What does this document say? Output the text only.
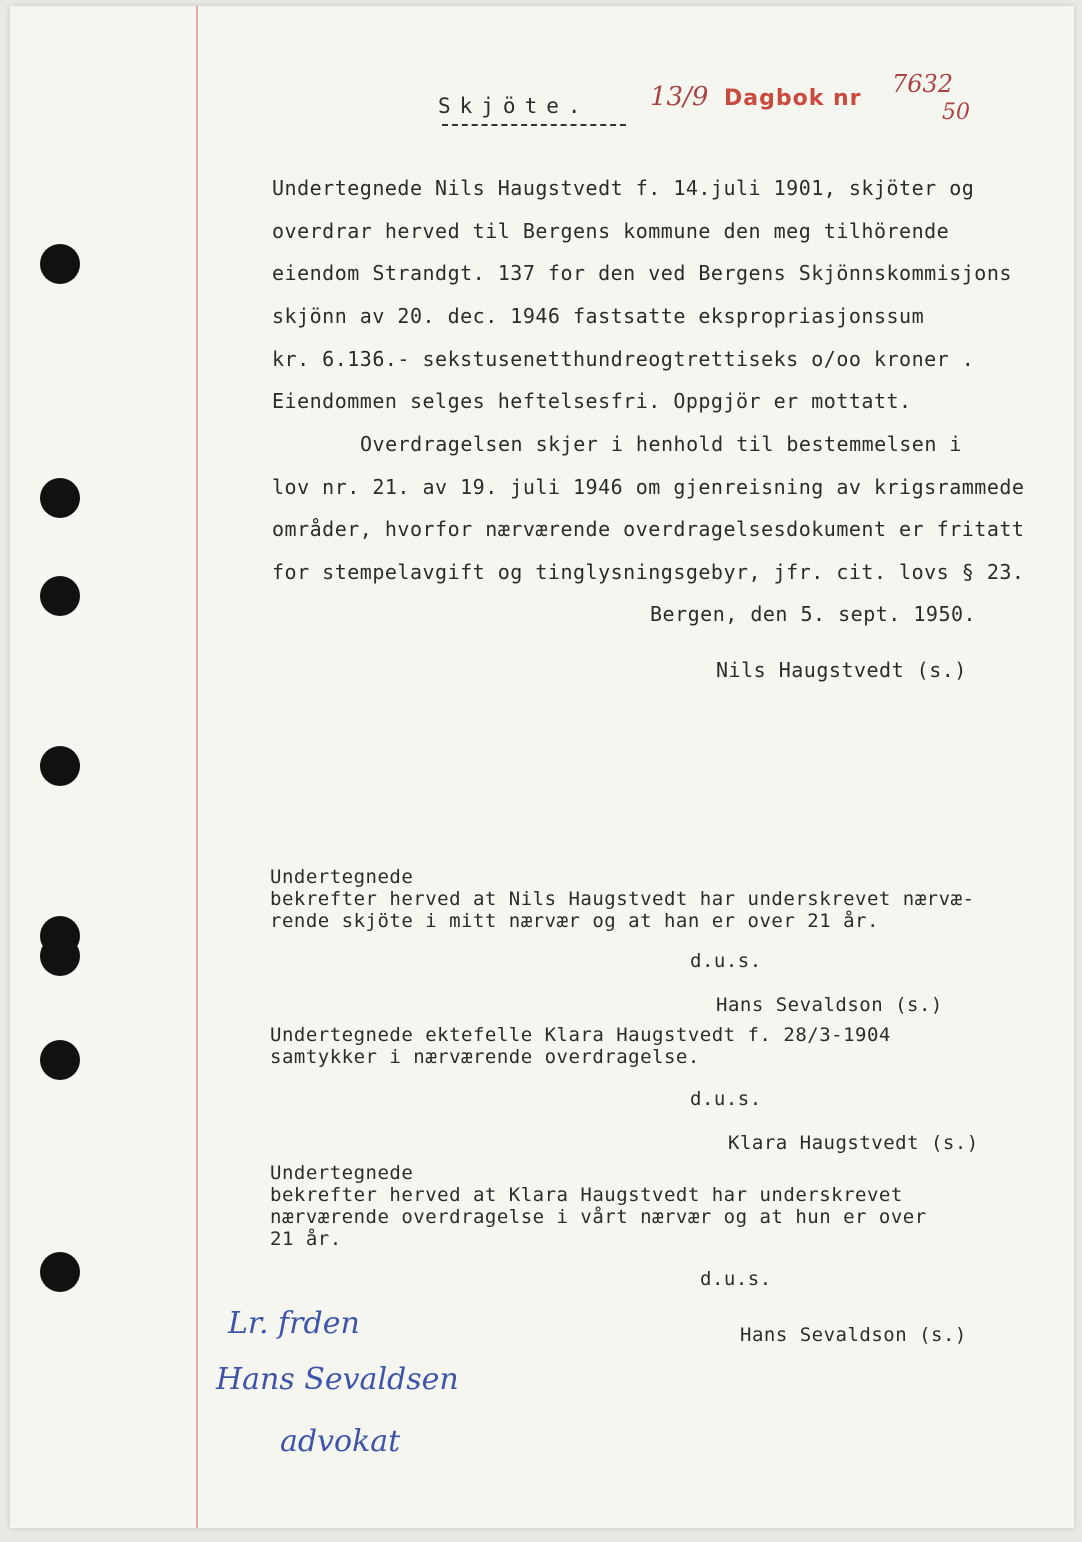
Skjöte. 13/9 Dagbok nr
7632
50
Undertegnede Nils Haugstvedt f. 14.juli 1901, skjöter og
overdrar herved til Bergens kommune den meg tilhörende
eiendom Strandgt. 137 for den ved Bergens Skjönnskommisjons
skjönn av 20. dec. 1946 fastsatte ekspropriasjonssum
kr. 6.136.- sekstusenetthundreogtrettiseks o/oo kroner .
Eiendommen selges heftelsesfri. Oppgjör er mottatt.
Overdragelsen skjer i henhold til bestemmelsen i
lov nr. 21. av 19. juli 1946 om gjenreisning av krigsrammede
områder, hvorfor nærværende overdragelsesdokument er fritatt
for stempelavgift og tinglysningsgebyr, jfr. cit. lovs § 23.
Bergen, den 5. sept. 1950.
Nils Haugstvedt (s.)
Undertegnede
bekrefter herved at Nils Haugstvedt har underskrevet nærvæ-
rende skjöte i mitt nærvær og at han er over 21 år.
d.u.s.
Hans Sevaldson (s.)
Undertegnede ektefelle Klara Haugstvedt f. 28/3-1904
samtykker i nærværende overdragelse.
d.u.s.
Klara Haugstvedt (s.)
Undertegnede
bekrefter herved at Klara Haugstvedt har underskrevet
nærværende overdragelse i vårt nærvær og at hun er over
21 år.
d.u.s.
Hans Sevaldson (s.)
Lr. frden
Hans Sevaldsen
advokat
